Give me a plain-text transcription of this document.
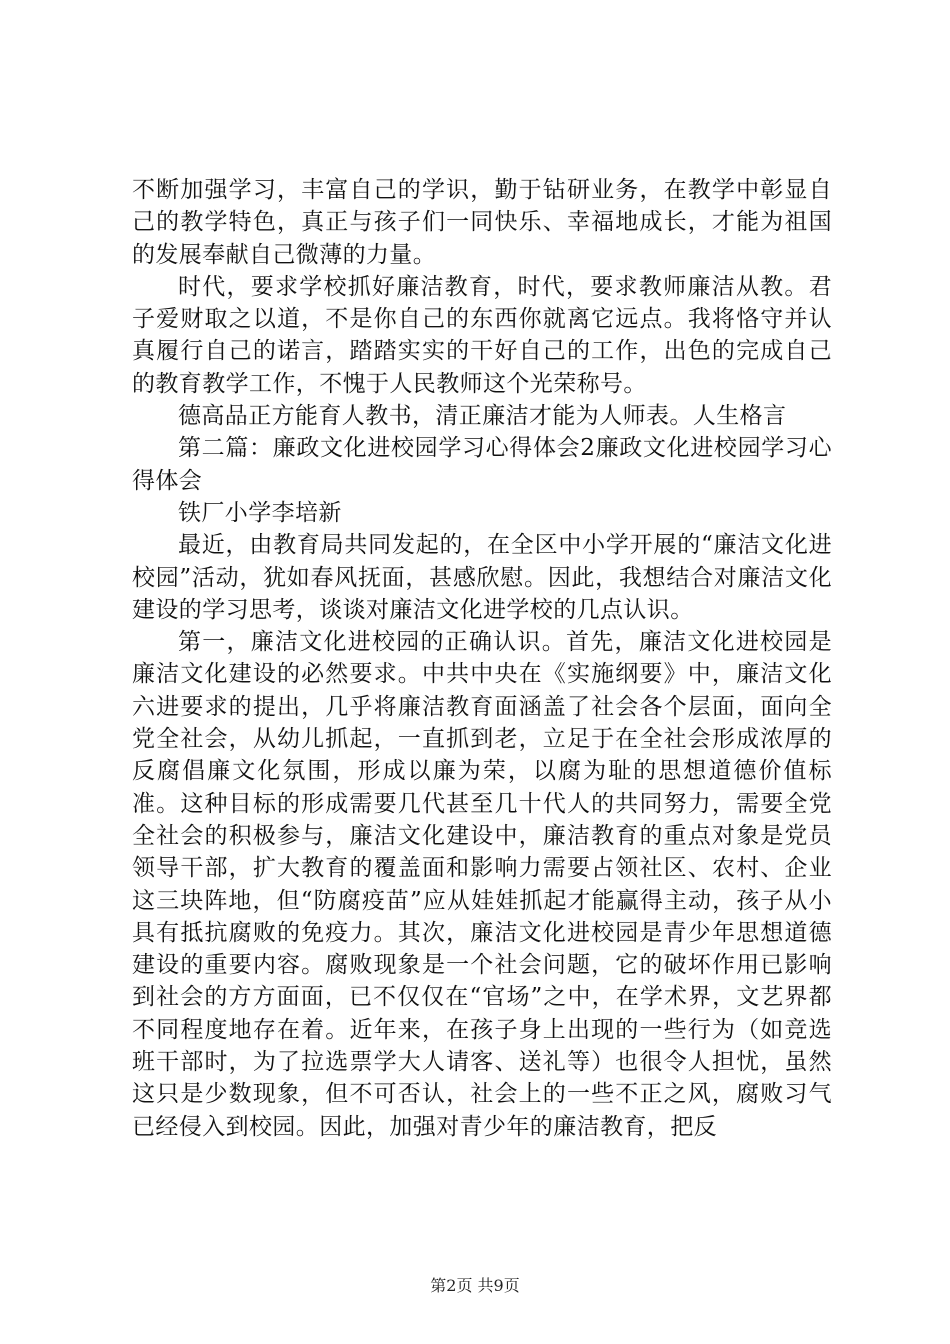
不断加强学习，丰富自己的学识，勤于钻研业务，在教学中彰显自己的教学特色，真正与孩子们一同快乐、幸福地成长，才能为祖国的发展奉献自己微薄的力量。

时代，要求学校抓好廉洁教育，时代，要求教师廉洁从教。君子爱财取之以道，不是你自己的东西你就离它远点。我将恪守并认真履行自己的诺言，踏踏实实的干好自己的工作，出色的完成自己的教育教学工作，不愧于人民教师这个光荣称号。

德高品正方能育人教书，清正廉洁才能为人师表。人生格言

第二篇：廉政文化进校园学习心得体会2廉政文化进校园学习心得体会

铁厂小学李培新

最近，由教育局共同发起的，在全区中小学开展的“廉洁文化进校园”活动，犹如春风抚面，甚感欣慰。因此，我想结合对廉洁文化建设的学习思考，谈谈对廉洁文化进学校的几点认识。

第一，廉洁文化进校园的正确认识。首先，廉洁文化进校园是廉洁文化建设的必然要求。中共中央在《实施纲要》中，廉洁文化六进要求的提出，几乎将廉洁教育面涵盖了社会各个层面，面向全党全社会，从幼儿抓起，一直抓到老，立足于在全社会形成浓厚的反腐倡廉文化氛围，形成以廉为荣，以腐为耻的思想道德价值标准。这种目标的形成需要几代甚至几十代人的共同努力，需要全党全社会的积极参与，廉洁文化建设中，廉洁教育的重点对象是党员领导干部，扩大教育的覆盖面和影响力需要占领社区、农村、企业这三块阵地，但“防腐疫苗”应从娃娃抓起才能赢得主动，孩子从小具有抵抗腐败的免疫力。其次，廉洁文化进校园是青少年思想道德建设的重要内容。腐败现象是一个社会问题，它的破坏作用已影响到社会的方方面面，已不仅仅在“官场”之中，在学术界，文艺界都不同程度地存在着。近年来，在孩子身上出现的一些行为（如竞选班干部时，为了拉选票学大人请客、送礼等）也很令人担忧，虽然这只是少数现象，但不可否认，社会上的一些不正之风，腐败习气已经侵入到校园。因此，加强对青少年的廉洁教育，把反

第2页 共9页
